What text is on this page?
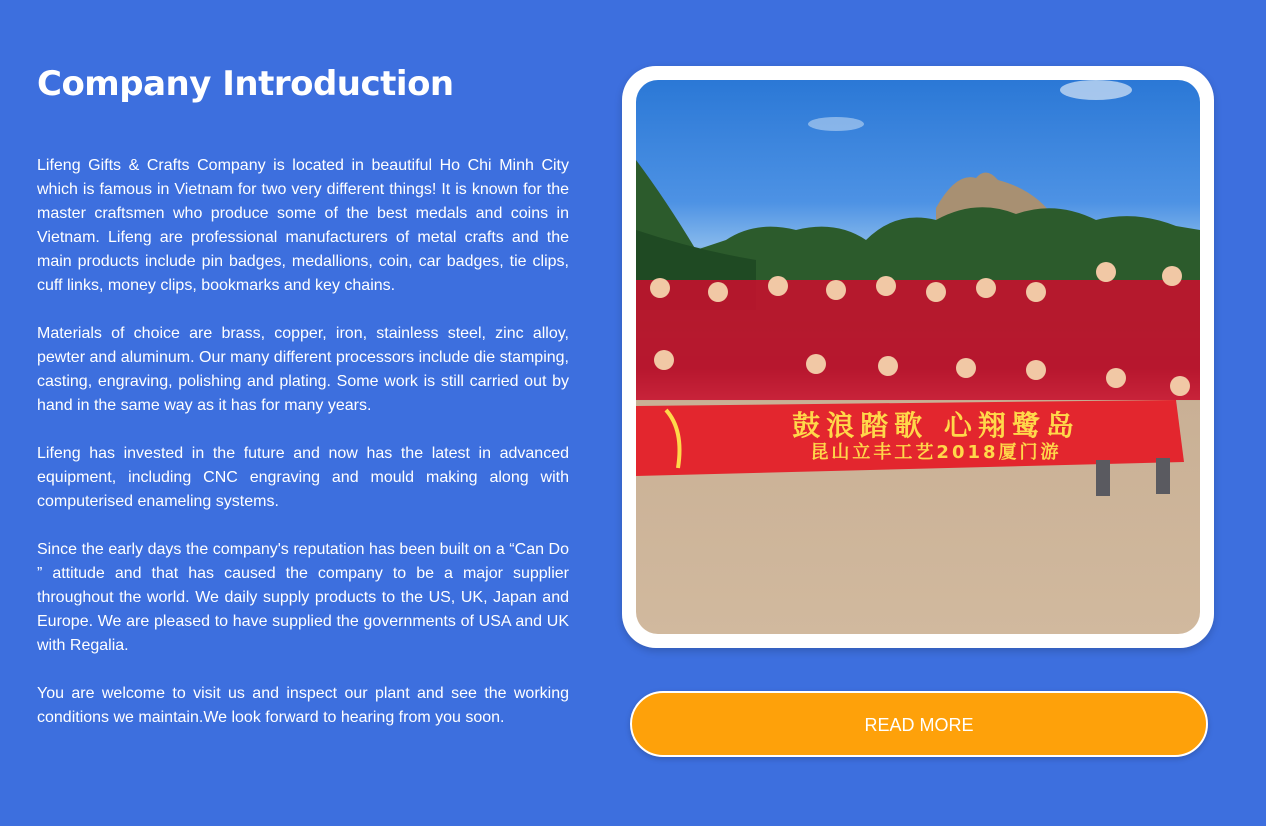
Company Introduction

Lifeng Gifts & Crafts Company is located in beautiful Ho Chi Minh City which is famous in Vietnam for two very different things! It is known for the master craftsmen who produce some of the best medals and coins in Vietnam. Lifeng are professional manufacturers of metal crafts and the main products include pin badges, medallions, coin, car badges, tie clips, cuff links, money clips, bookmarks and key chains.

Materials of choice are brass, copper, iron, stainless steel, zinc alloy, pewter and aluminum. Our many different processors include die stamping, casting, engraving, polishing and plating. Some work is still carried out by hand in the same way as it has for many years.

Lifeng has invested in the future and now has the latest in advanced equipment, including CNC engraving and mould making along with computerised enameling systems.

Since the early days the company's reputation has been built on a “Can Do ” attitude and that has caused the company to be a major supplier throughout the world. We daily supply products to the US, UK, Japan and Europe. We are pleased to have supplied the governments of USA and UK with Regalia.

You are welcome to visit us and inspect our plant and see the working conditions we maintain.We look forward to hearing from you soon.

鼓浪踏歌 心翔鹭岛
昆山立丰工艺2018厦门游
READ MORE
